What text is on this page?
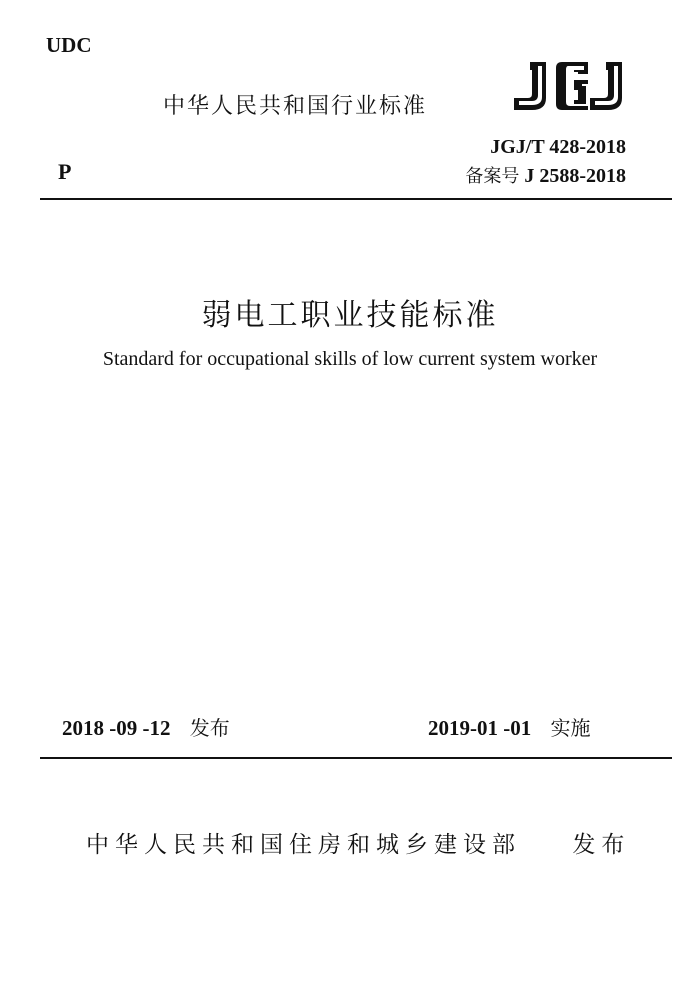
UDC
中华人民共和国行业标准
JGJ/T 428-2018
备案号 J 2588-2018
P
弱电工职业技能标准
Standard for occupational skills of low current system worker
2018 -09 -12 发布	2019-01 -01 实施
中华人民共和国住房和城乡建设部 发布
